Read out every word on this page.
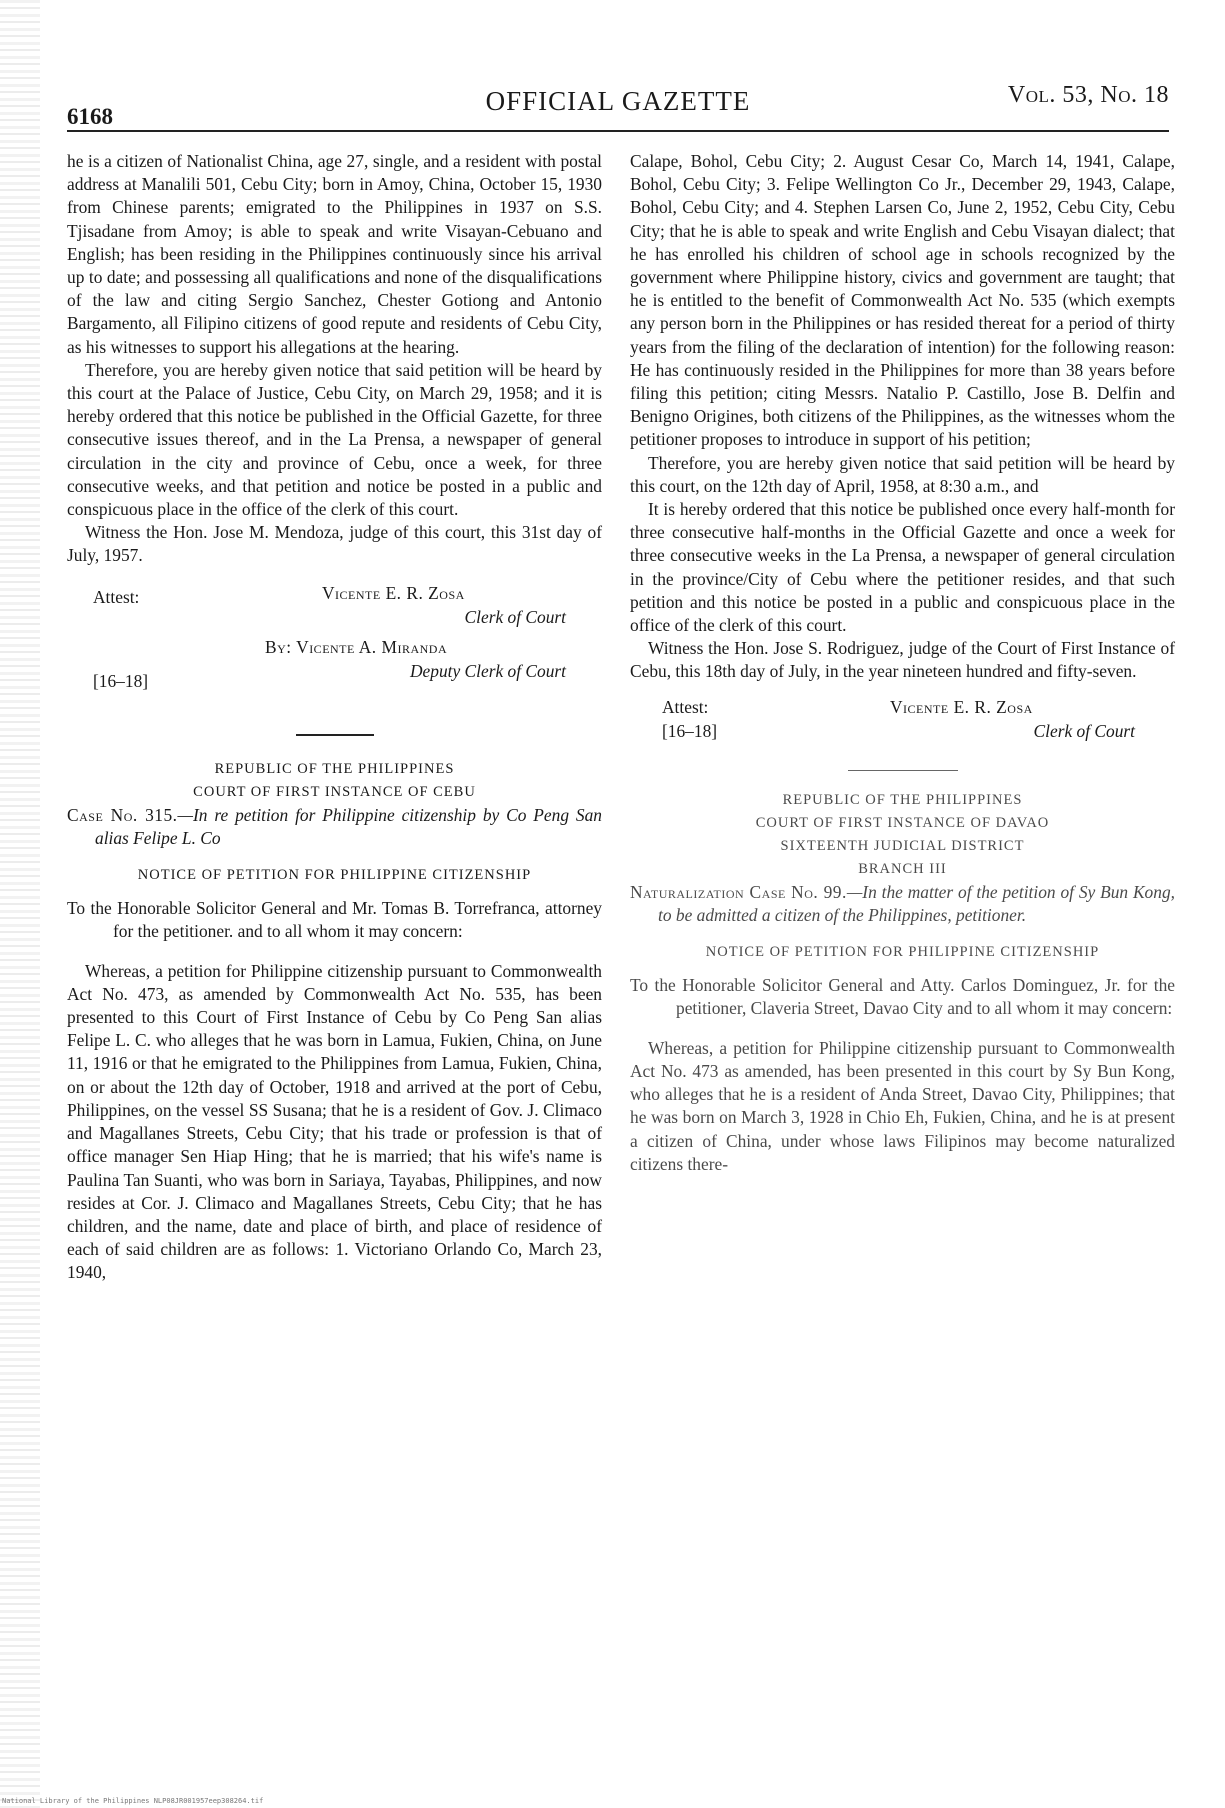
6168
OFFICIAL GAZETTE	Vol. 53, No. 18

he is a citizen of Nationalist China, age 27, single, and a resident with postal address at Manalili 501, Cebu City; born in Amoy, China, October 15, 1930 from Chinese parents; emigrated to the Philippines in 1937 on S.S. Tjisadane from Amoy; is able to speak and write Visayan-Cebuano and English; has been residing in the Philippines continuously since his arrival up to date; and possessing all qualifications and none of the disqualifications of the law and citing Sergio Sanchez, Chester Gotiong and Antonio Bargamento, all Filipino citizens of good repute and residents of Cebu City, as his witnesses to support his allegations at the hearing.

Therefore, you are hereby given notice that said petition will be heard by this court at the Palace of Justice, Cebu City, on March 29, 1958; and it is hereby ordered that this notice be published in the Official Gazette, for three consecutive issues thereof, and in the La Prensa, a newspaper of general circulation in the city and province of Cebu, once a week, for three consecutive weeks, and that petition and notice be posted in a public and conspicuous place in the office of the clerk of this court.

Witness the Hon. Jose M. Mendoza, judge of this court, this 31st day of July, 1957.

Attest:	Vicente E. R. Zosa
Clerk of Court
By: Vicente A. Miranda
Deputy Clerk of Court
[16–18]
REPUBLIC OF THE PHILIPPINES
COURT OF FIRST INSTANCE OF CEBU

Case No. 315.—In re petition for Philippine citizenship by Co Peng San alias Felipe L. Co

NOTICE OF PETITION FOR PHILIPPINE CITIZENSHIP

To the Honorable Solicitor General and Mr. Tomas B. Torrefranca, attorney for the petitioner. and to all whom it may concern:

Whereas, a petition for Philippine citizenship pursuant to Commonwealth Act No. 473, as amended by Commonwealth Act No. 535, has been presented to this Court of First Instance of Cebu by Co Peng San alias Felipe L. C. who alleges that he was born in Lamua, Fukien, China, on June 11, 1916 or that he emigrated to the Philippines from Lamua, Fukien, China, on or about the 12th day of October, 1918 and arrived at the port of Cebu, Philippines, on the vessel SS Susana; that he is a resident of Gov. J. Climaco and Magallanes Streets, Cebu City; that his trade or profession is that of office manager Sen Hiap Hing; that he is married; that his wife's name is Paulina Tan Suanti, who was born in Sariaya, Tayabas, Philippines, and now resides at Cor. J. Climaco and Magallanes Streets, Cebu City; that he has children, and the name, date and place of birth, and place of residence of each of said children are as follows: 1. Victoriano Orlando Co, March 23, 1940,

Calape, Bohol, Cebu City; 2. August Cesar Co, March 14, 1941, Calape, Bohol, Cebu City; 3. Felipe Wellington Co Jr., December 29, 1943, Calape, Bohol, Cebu City; and 4. Stephen Larsen Co, June 2, 1952, Cebu City, Cebu City; that he is able to speak and write English and Cebu Visayan dialect; that he has enrolled his children of school age in schools recognized by the government where Philippine history, civics and government are taught; that he is entitled to the benefit of Commonwealth Act No. 535 (which exempts any person born in the Philippines or has resided thereat for a period of thirty years from the filing of the declaration of intention) for the following reason: He has continuously resided in the Philippines for more than 38 years before filing this petition; citing Messrs. Natalio P. Castillo, Jose B. Delfin and Benigno Origines, both citizens of the Philippines, as the witnesses whom the petitioner proposes to introduce in support of his petition;

Therefore, you are hereby given notice that said petition will be heard by this court, on the 12th day of April, 1958, at 8:30 a.m., and

It is hereby ordered that this notice be published once every half-month for three consecutive half-months in the Official Gazette and once a week for three consecutive weeks in the La Prensa, a newspaper of general circulation in the province/City of Cebu where the petitioner resides, and that such petition and this notice be posted in a public and conspicuous place in the office of the clerk of this court.

Witness the Hon. Jose S. Rodriguez, judge of the Court of First Instance of Cebu, this 18th day of July, in the year nineteen hundred and fifty-seven.

Attest:
[16–18]
Vicente E. R. Zosa
Clerk of Court
REPUBLIC OF THE PHILIPPINES
COURT OF FIRST INSTANCE OF DAVAO
SIXTEENTH JUDICIAL DISTRICT
BRANCH III

Naturalization Case No. 99.—In the matter of the petition of Sy Bun Kong, to be admitted a citizen of the Philippines, petitioner.

NOTICE OF PETITION FOR PHILIPPINE CITIZENSHIP

To the Honorable Solicitor General and Atty. Carlos Dominguez, Jr. for the petitioner, Claveria Street, Davao City and to all whom it may concern:

Whereas, a petition for Philippine citizenship pursuant to Commonwealth Act No. 473 as amended, has been presented in this court by Sy Bun Kong, who alleges that he is a resident of Anda Street, Davao City, Philippines; that he was born on March 3, 1928 in Chio Eh, Fukien, China, and he is at present a citizen of China, under whose laws Filipinos may become naturalized citizens there-

National Library of the Philippines NLP08JR001957eep308264.tif
